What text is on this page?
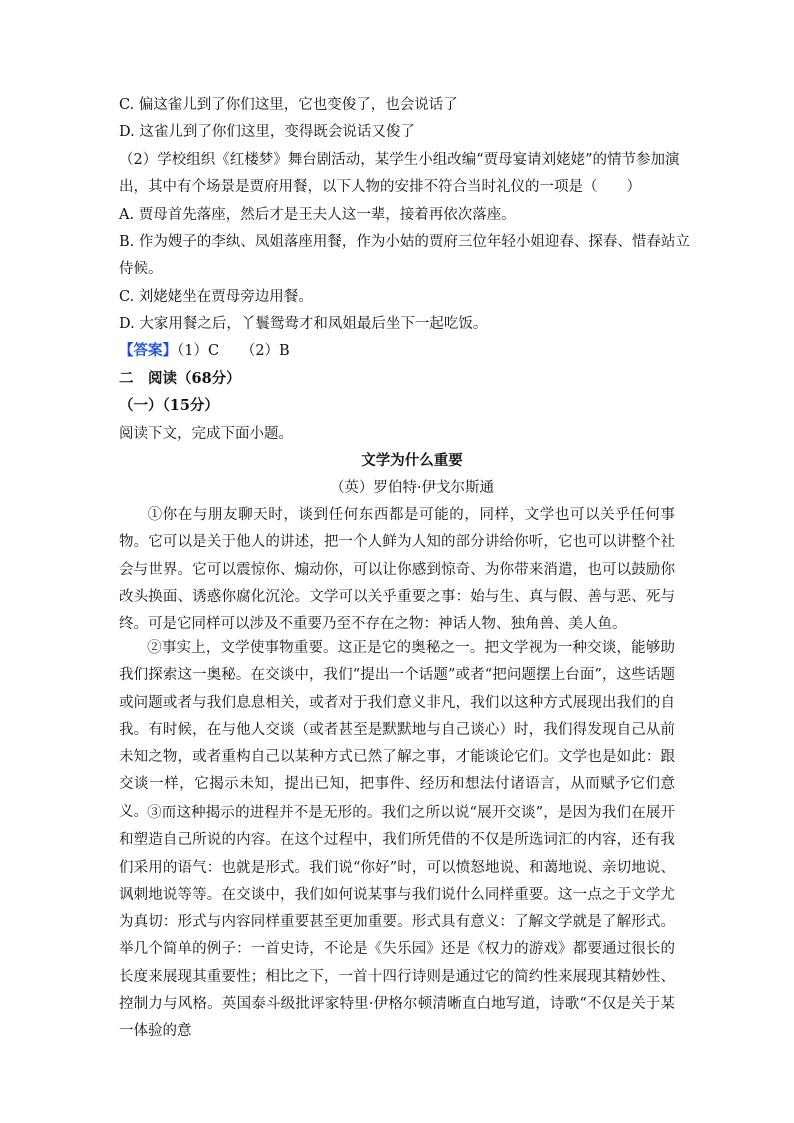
C. 偏这雀儿到了你们这里，它也变俊了，也会说话了
D. 这雀儿到了你们这里，变得既会说话又俊了
（2）学校组织《红楼梦》舞台剧活动，某学生小组改编“贾母宴请刘姥姥”的情节参加演
出，其中有个场景是贾府用餐，以下人物的安排不符合当时礼仪的一项是（　　）
A. 贾母首先落座，然后才是王夫人这一辈，接着再依次落座。
B. 作为嫂子的李纨、凤姐落座用餐，作为小姑的贾府三位年轻小姐迎春、探春、惜春站立
侍候。
C. 刘姥姥坐在贾母旁边用餐。
D. 大家用餐之后，丫鬟鸳鸯才和凤姐最后坐下一起吃饭。
【答案】（1）C　　（2）B
二　阅读（68分）
（一）（15分）
阅读下文，完成下面小题。
文学为什么重要
（英）罗伯特·伊戈尔斯通
①你在与朋友聊天时，谈到任何东西都是可能的，同样，文学也可以关乎任何事物。它可以是关于他人的讲述，把一个人鲜为人知的部分讲给你听，它也可以讲整个社会与世界。它可以震惊你、煽动你，可以让你感到惊奇、为你带来消遣，也可以鼓励你改头换面、诱惑你腐化沉沦。文学可以关乎重要之事：始与生、真与假、善与恶、死与终。可是它同样可以涉及不重要乃至不存在之物：神话人物、独角兽、美人鱼。
②事实上，文学使事物重要。这正是它的奥秘之一。把文学视为一种交谈，能够助我们探索这一奥秘。在交谈中，我们“提出一个话题”或者“把问题摆上台面”，这些话题或问题或者与我们息息相关，或者对于我们意义非凡，我们以这种方式展现出我们的自我。有时候，在与他人交谈（或者甚至是默默地与自己谈心）时，我们得发现自己从前未知之物，或者重构自己以某种方式已然了解之事，才能谈论它们。文学也是如此：跟交谈一样，它揭示未知，提出已知，把事件、经历和想法付诸语言，从而赋予它们意义。 ③而这种揭示的进程并不是无形的。我们之所以说“展开交谈”，是因为我们在展开和塑造自己所说的内容。在这个过程中，我们所凭借的不仅是所选词汇的内容，还有我们采用的语气：也就是形式。我们说“你好”时，可以愤怒地说、和蔼地说、亲切地说、讽刺地说等等。在交谈中，我们如何说某事与我们说什么同样重要。这一点之于文学尤为真切：形式与内容同样重要甚至更加重要。形式具有意义：了解文学就是了解形式。举几个简单的例子：一首史诗，不论是《失乐园》还是《权力的游戏》都要通过很长的长度来展现其重要性；相比之下，一首十四行诗则是通过它的简约性来展现其精妙性、控制力与风格。英国泰斗级批评家特里·伊格尔顿清晰直白地写道，诗歌“不仅是关于某一体验的意
